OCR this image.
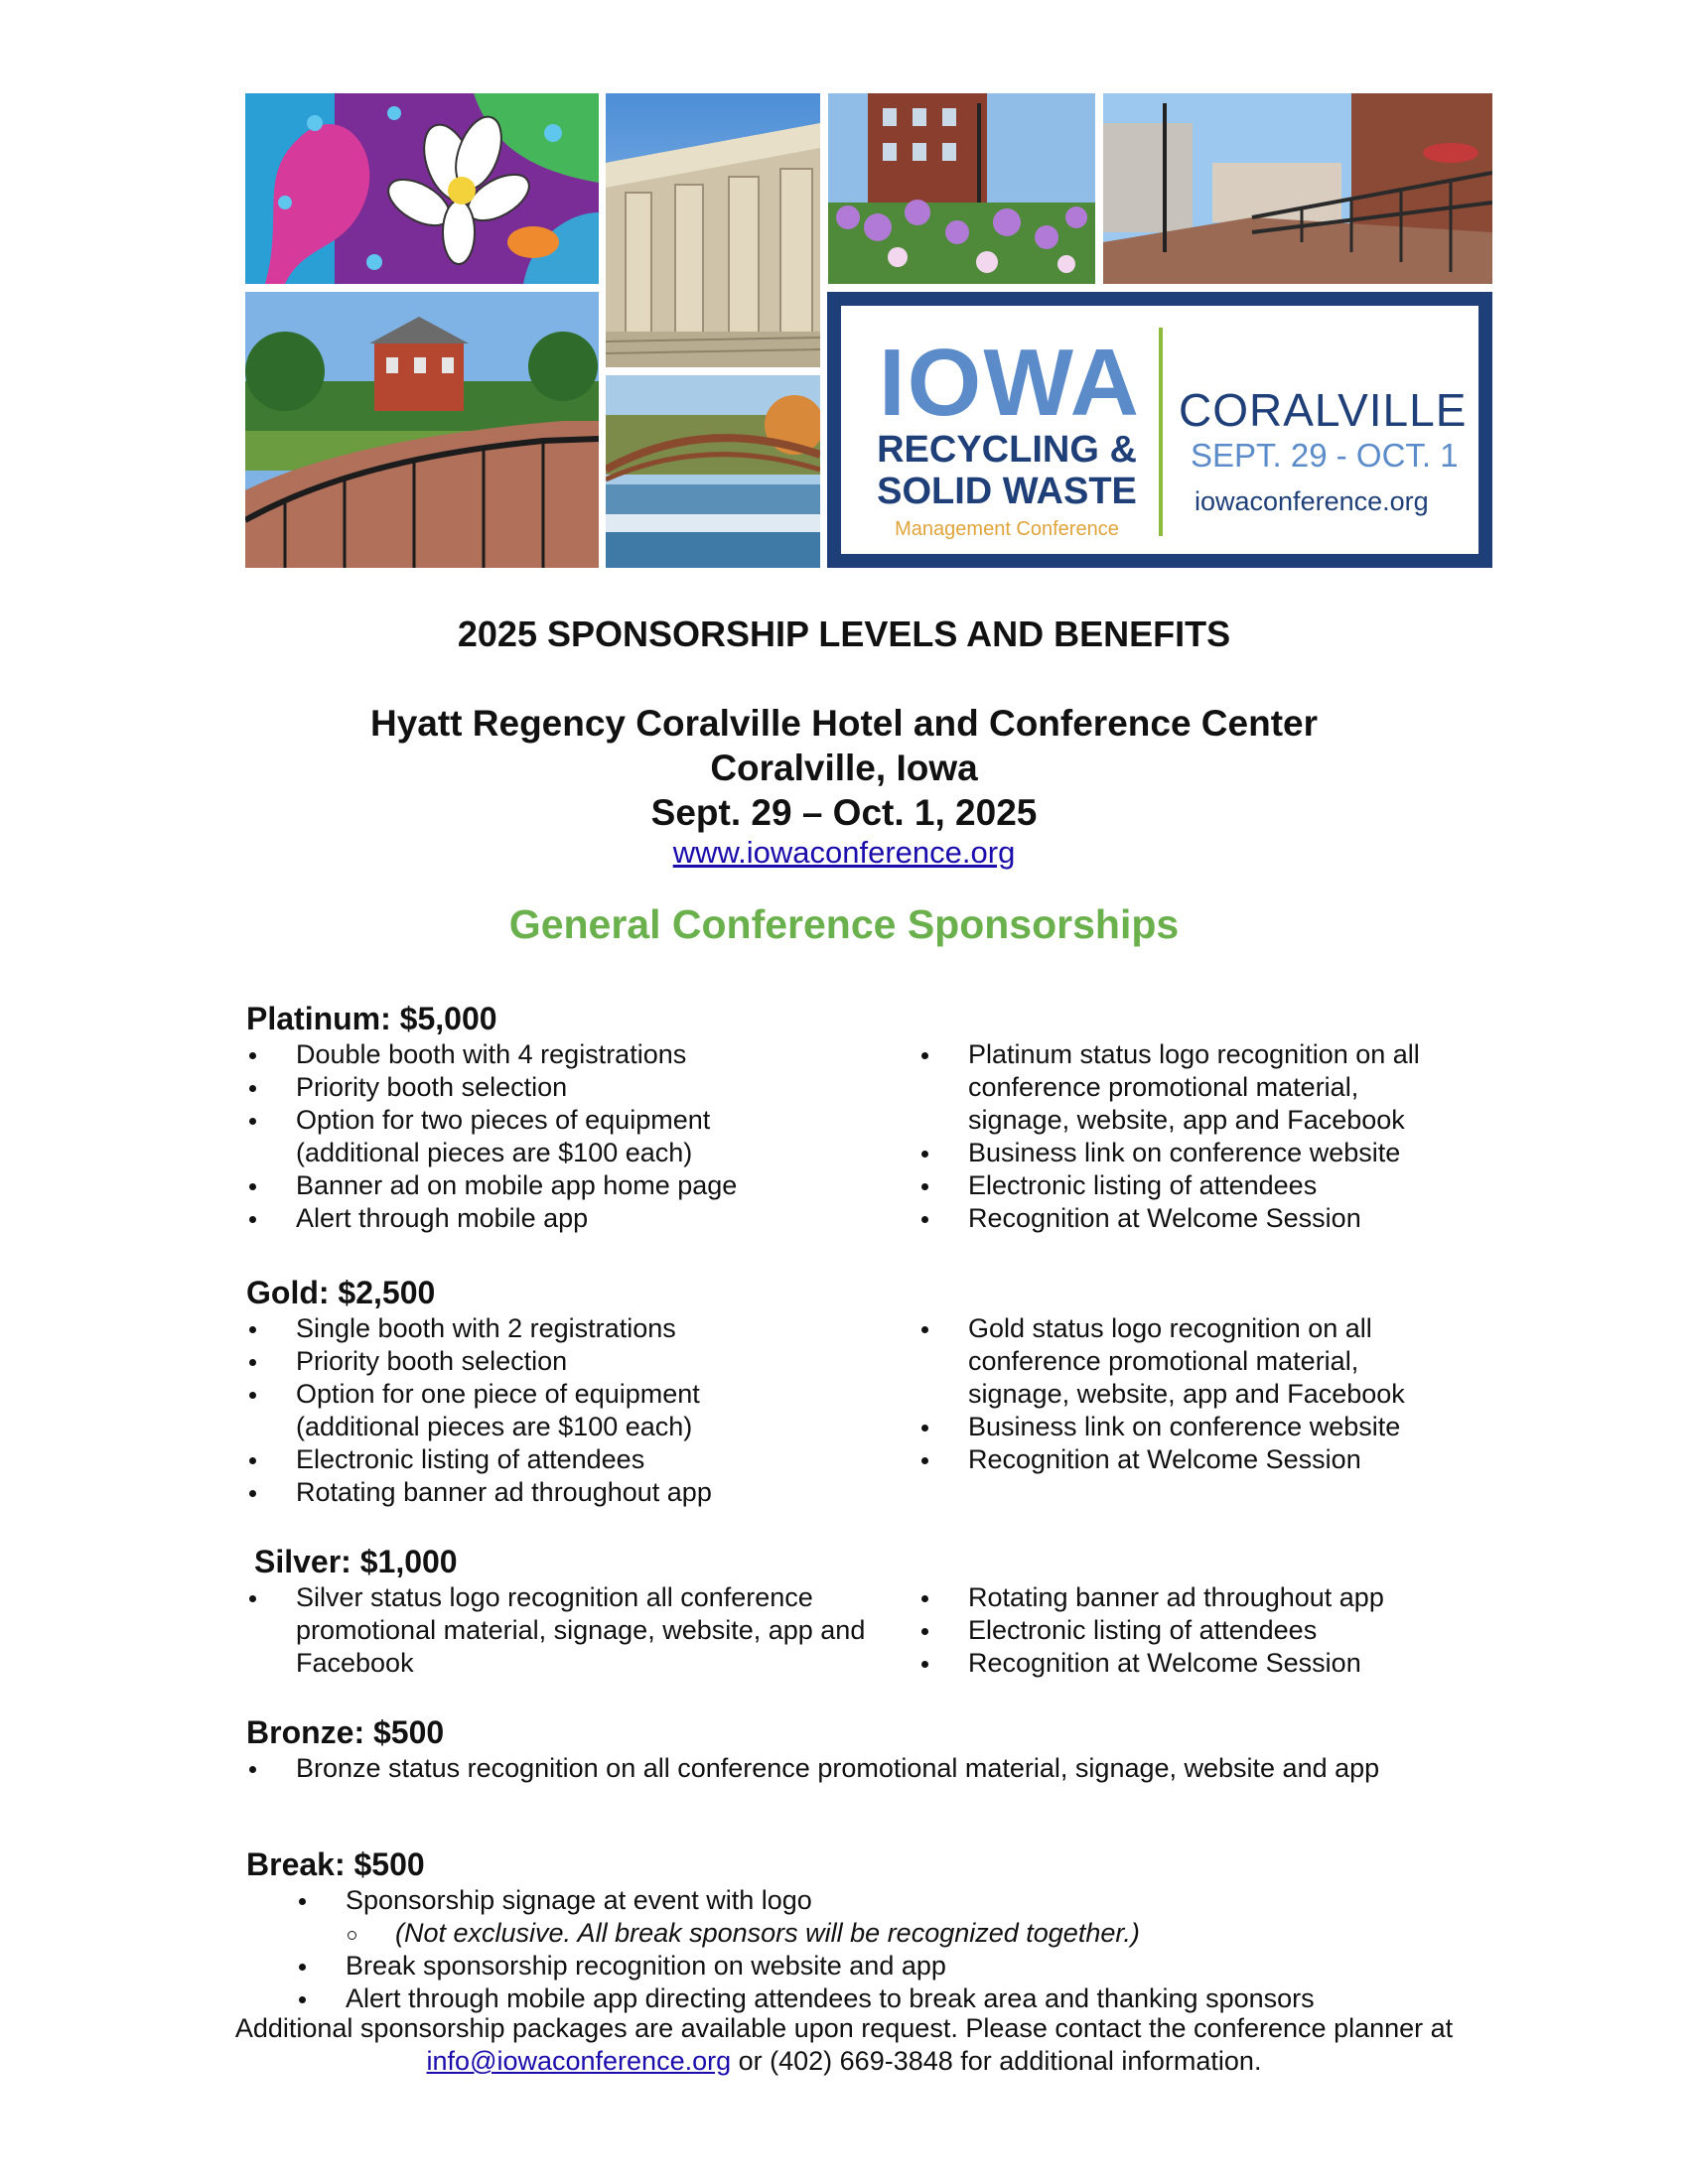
IOWA
RECYCLING &
SOLID WASTE
Management Conference
CORALVILLE
SEPT. 29 - OCT. 1
iowaconference.org
2025 SPONSORSHIP LEVELS AND BENEFITS
Hyatt Regency Coralville Hotel and Conference Center
Coralville, Iowa
Sept. 29 – Oct. 1, 2025
www.iowaconference.org
General Conference Sponsorships
Platinum: $5,000
Double booth with 4 registrations
Priority booth selection
Option for two pieces of equipment (additional pieces are $100 each)
Banner ad on mobile app home page
Alert through mobile app
Platinum status logo recognition on all conference promotional material, signage, website, app and Facebook
Business link on conference website
Electronic listing of attendees
Recognition at Welcome Session
Gold: $2,500
Single booth with 2 registrations
Priority booth selection
Option for one piece of equipment (additional pieces are $100 each)
Electronic listing of attendees
Rotating banner ad throughout app
Gold status logo recognition on all conference promotional material, signage, website, app and Facebook
Business link on conference website
Recognition at Welcome Session
Silver: $1,000
Silver status logo recognition all conference promotional material, signage, website, app and Facebook
Rotating banner ad throughout app
Electronic listing of attendees
Recognition at Welcome Session
Bronze: $500
Bronze status recognition on all conference promotional material, signage, website and app
Break: $500
Sponsorship signage at event with logo
(Not exclusive. All break sponsors will be recognized together.)
Break sponsorship recognition on website and app
Alert through mobile app directing attendees to break area and thanking sponsors
Additional sponsorship packages are available upon request. Please contact the conference planner at
info@iowaconference.org or (402) 669-3848 for additional information.
